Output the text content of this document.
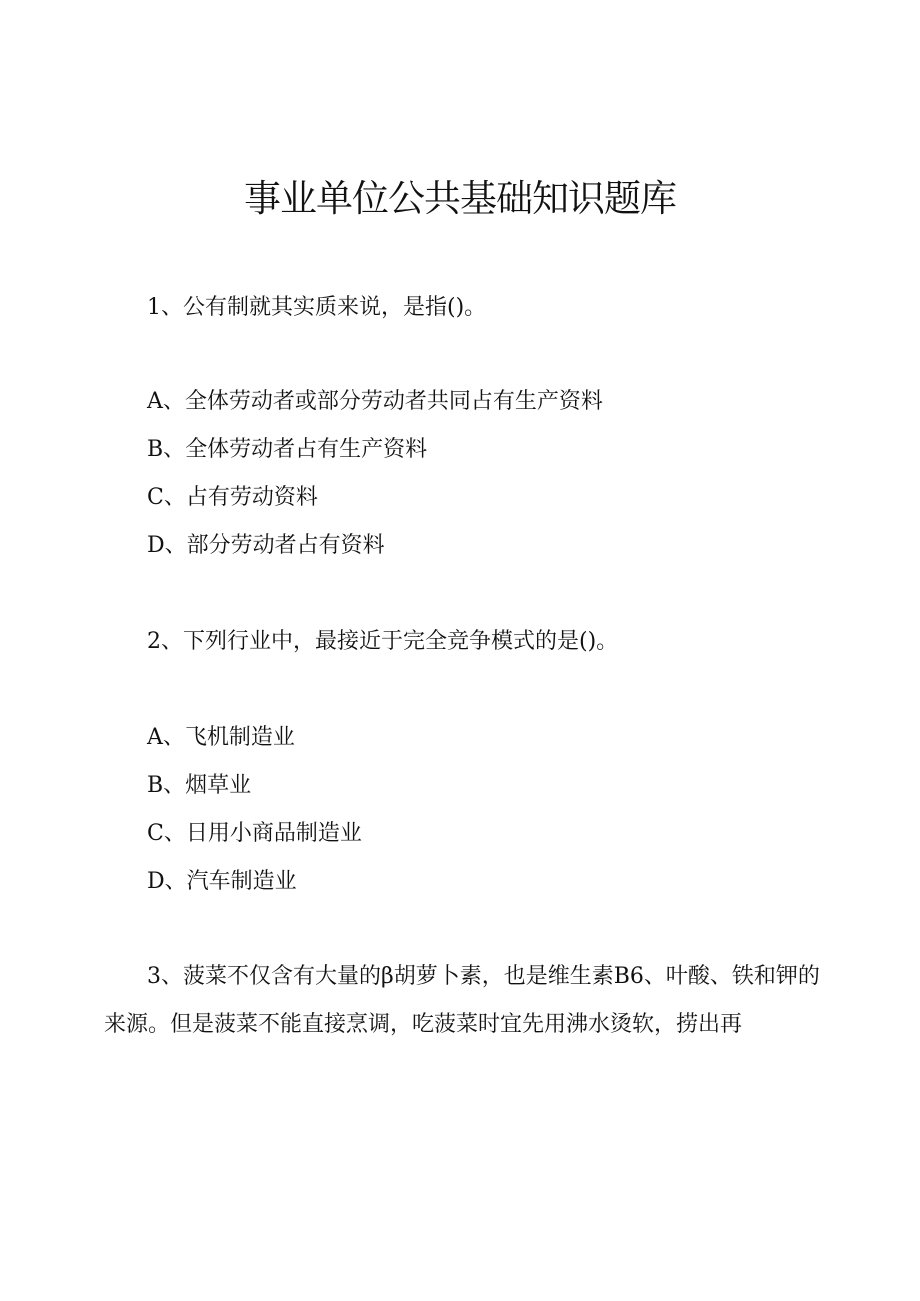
事业单位公共基础知识题库
1、公有制就其实质来说，是指()。
A、全体劳动者或部分劳动者共同占有生产资料
B、全体劳动者占有生产资料
C、占有劳动资料
D、部分劳动者占有资料
2、下列行业中，最接近于完全竞争模式的是()。
A、飞机制造业
B、烟草业
C、日用小商品制造业
D、汽车制造业
3、菠菜不仅含有大量的β胡萝卜素，也是维生素B6、叶酸、铁和钾的来源。但是菠菜不能直接烹调，吃菠菜时宜先用沸水烫软，捞出再
